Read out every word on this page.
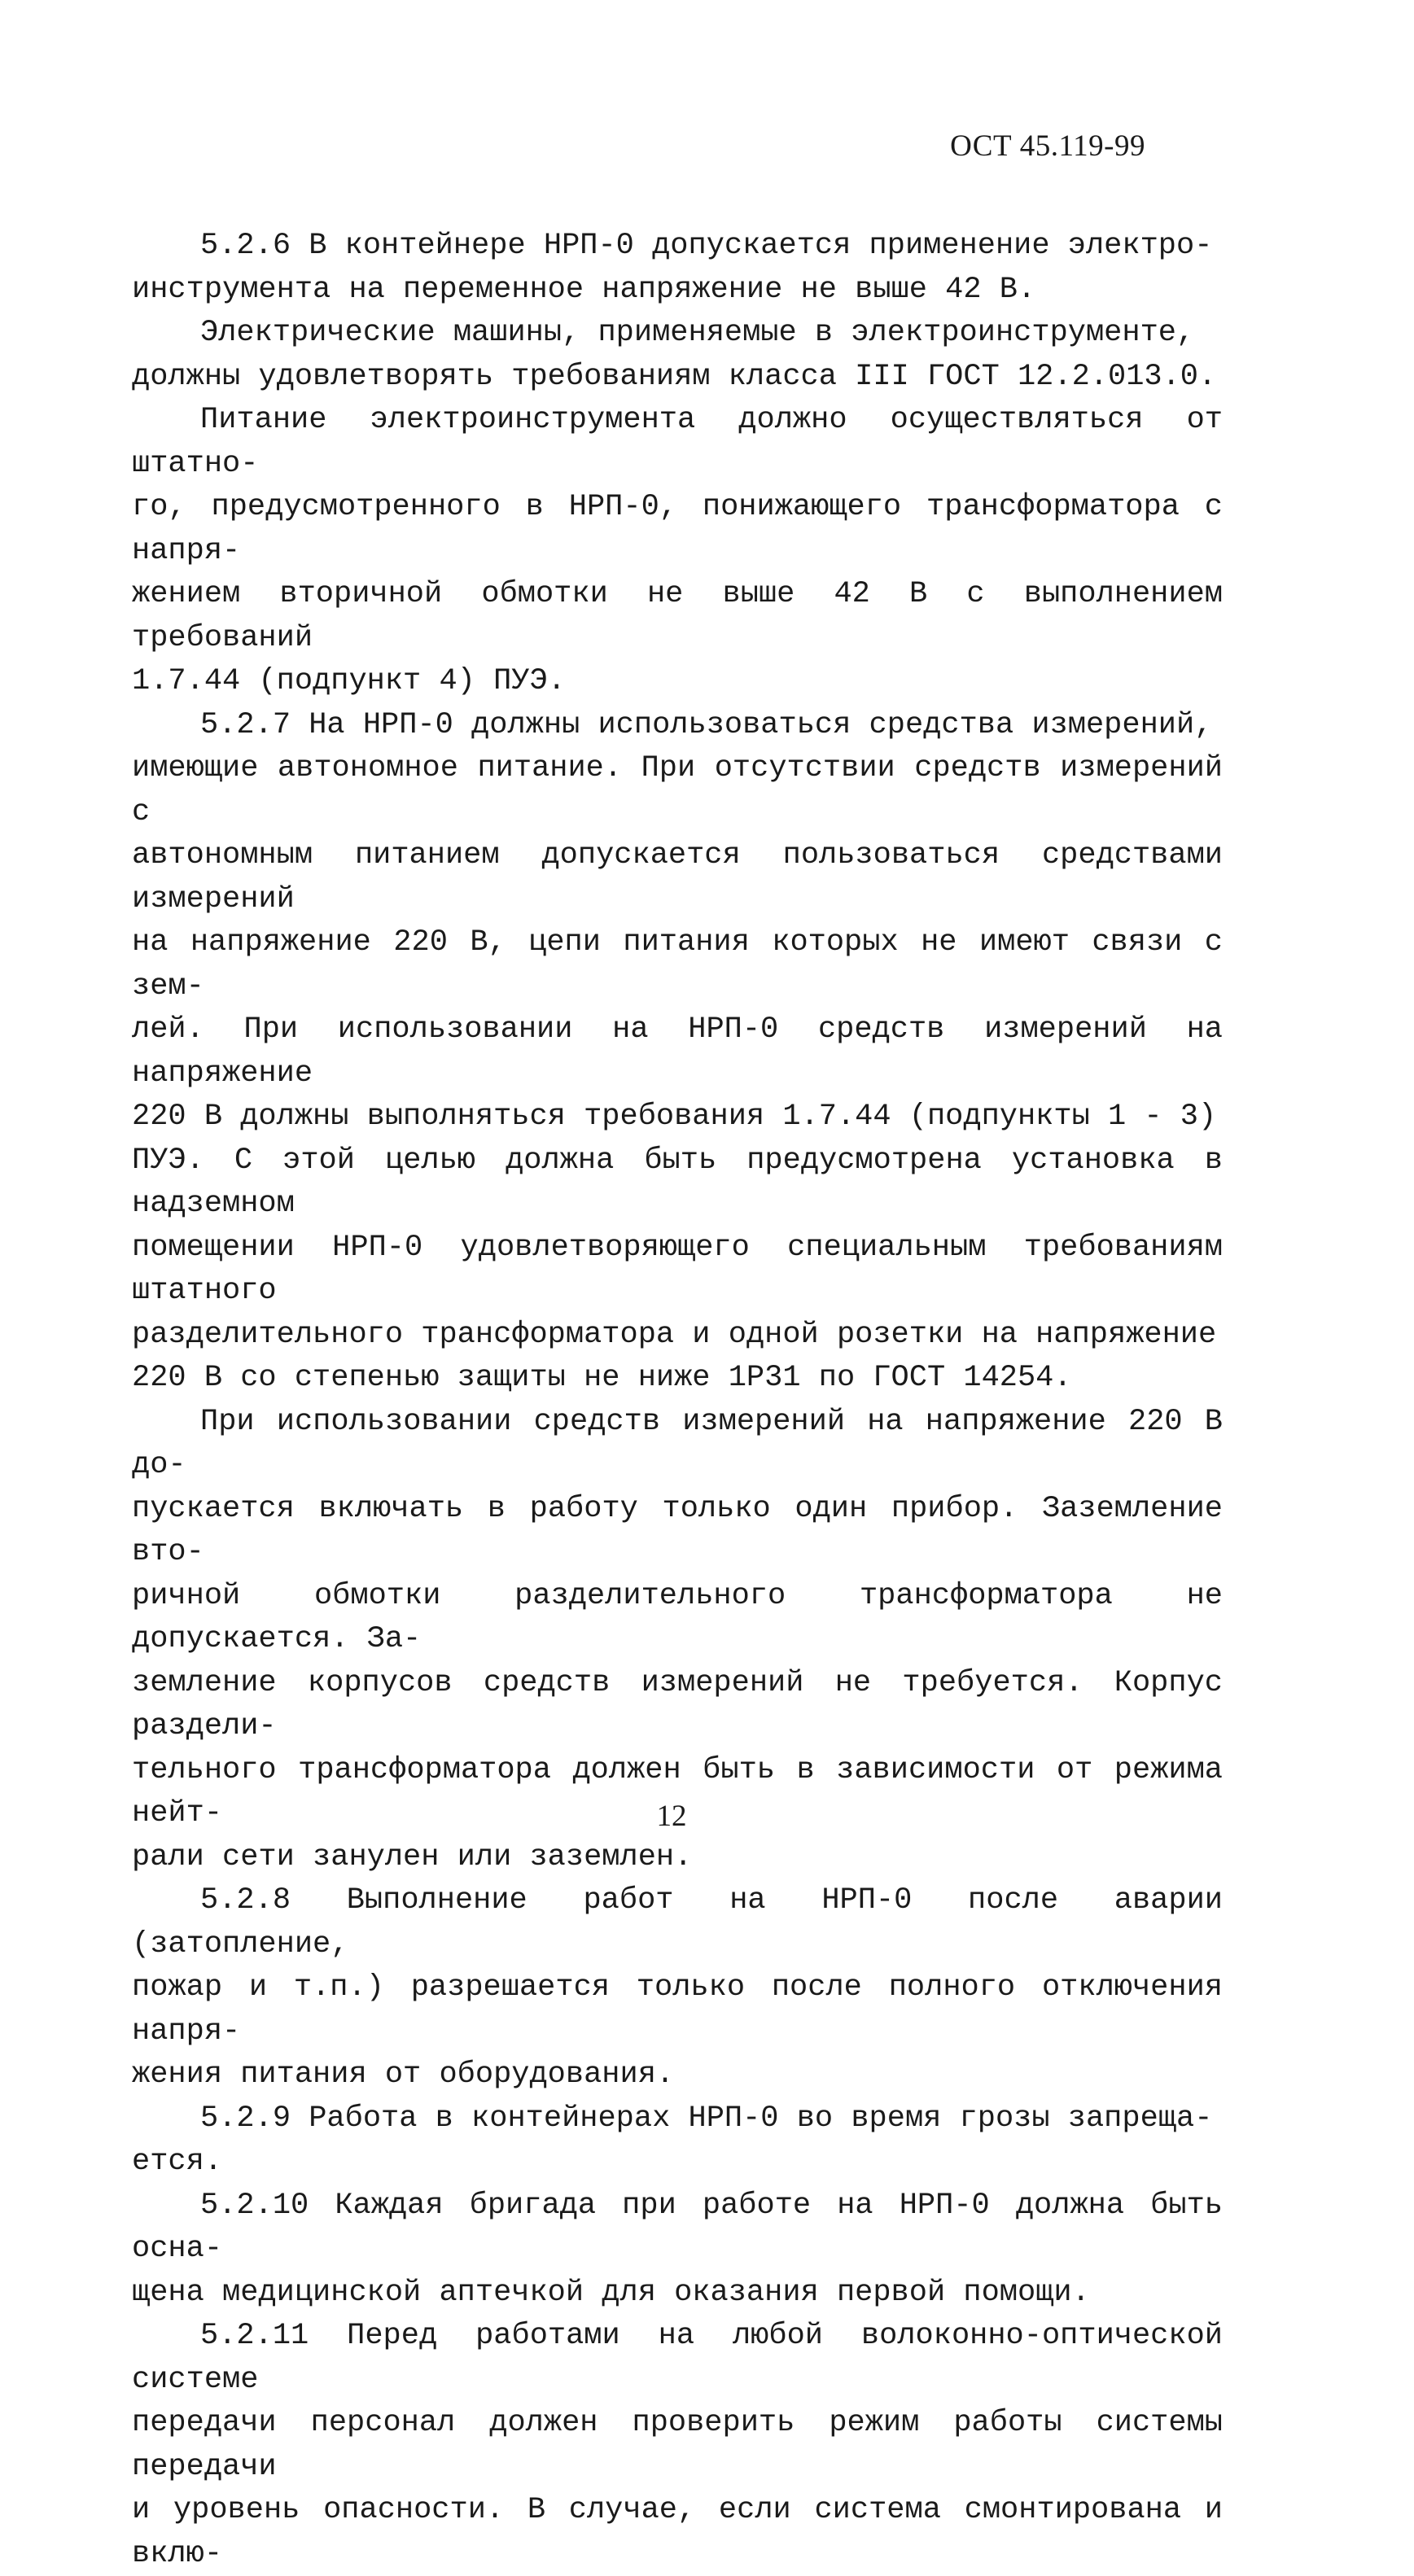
ОСТ 45.119-99

5.2.6 В контейнере НРП-0 допускается применение электро-
инструмента на переменное напряжение не выше 42 В.

Электрические машины, применяемые в электроинструменте,
должны удовлетворять требованиям класса III ГОСТ 12.2.013.0.

Питание электроинструмента должно осуществляться от штатно-
го, предусмотренного в НРП-0, понижающего трансформатора с напря-
жением вторичной обмотки не выше 42 В с выполнением требований
1.7.44 (подпункт 4) ПУЭ.

5.2.7 На НРП-0 должны использоваться средства измерений,
имеющие автономное питание. При отсутствии средств измерений с
автономным питанием допускается пользоваться средствами измерений
на напряжение 220 В, цепи питания которых не имеют связи с зем-
лей. При использовании на НРП-0 средств измерений на напряжение
220 В должны выполняться требования 1.7.44 (подпункты 1 - 3)
ПУЭ. С этой целью должна быть предусмотрена установка в надземном
помещении НРП-0 удовлетворяющего специальным требованиям штатного
разделительного трансформатора и одной розетки на напряжение
220 В со степенью защиты не ниже 1Р31 по ГОСТ 14254.

При использовании средств измерений на напряжение 220 В до-
пускается включать в работу только один прибор. Заземление вто-
ричной обмотки разделительного трансформатора не допускается. За-
земление корпусов средств измерений не требуется. Корпус раздели-
тельного трансформатора должен быть в зависимости от режима нейт-
рали сети занулен или заземлен.

5.2.8 Выполнение работ на НРП-0 после аварии (затопление,
пожар и т.п.) разрешается только после полного отключения напря-
жения питания от оборудования.

5.2.9 Работа в контейнерах НРП-0 во время грозы запреща-
ется.

5.2.10 Каждая бригада при работе на НРП-0 должна быть осна-
щена медицинской аптечкой для оказания первой помощи.

5.2.11 Перед работами на любой волоконно-оптической системе
передачи персонал должен проверить режим работы системы передачи
и уровень опасности. В случае, если система смонтирована и вклю-

12
